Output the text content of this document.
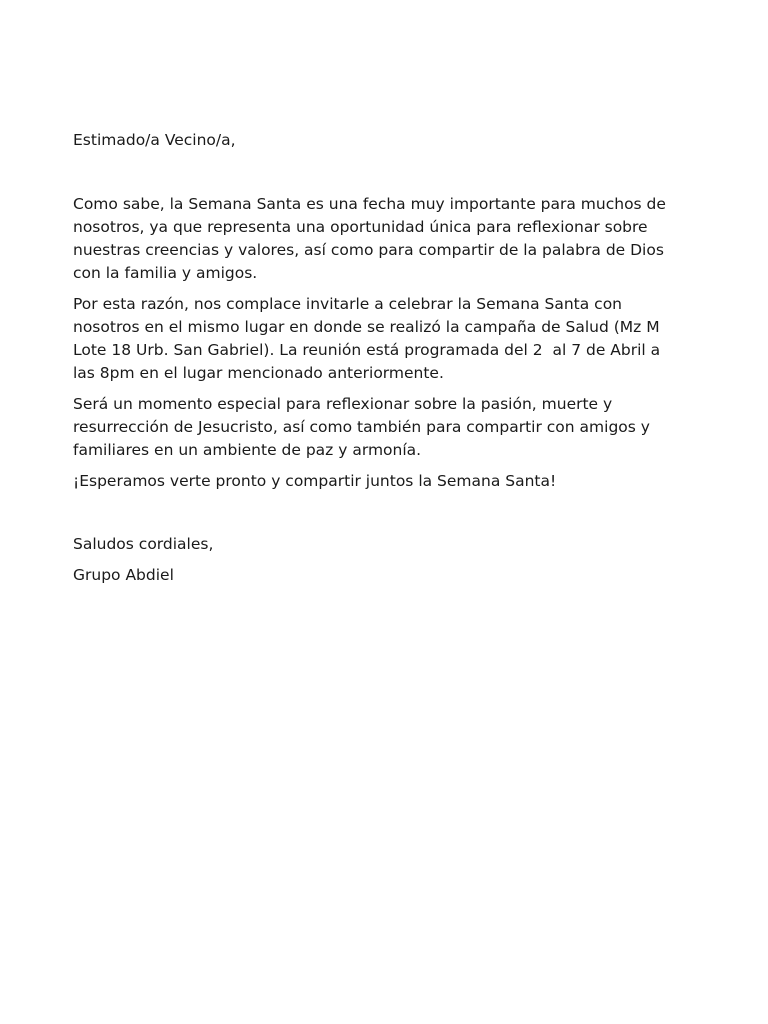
Estimado/a Vecino/a,

Como sabe, la Semana Santa es una fecha muy importante para muchos de
nosotros, ya que representa una oportunidad única para reflexionar sobre
nuestras creencias y valores, así como para compartir de la palabra de Dios
con la familia y amigos.

Por esta razón, nos complace invitarle a celebrar la Semana Santa con
nosotros en el mismo lugar en donde se realizó la campaña de Salud (Mz M
Lote 18 Urb. San Gabriel). La reunión está programada del 2  al 7 de Abril a
las 8pm en el lugar mencionado anteriormente.

Será un momento especial para reflexionar sobre la pasión, muerte y
resurrección de Jesucristo, así como también para compartir con amigos y
familiares en un ambiente de paz y armonía.

¡Esperamos verte pronto y compartir juntos la Semana Santa!

Saludos cordiales,

Grupo Abdiel
